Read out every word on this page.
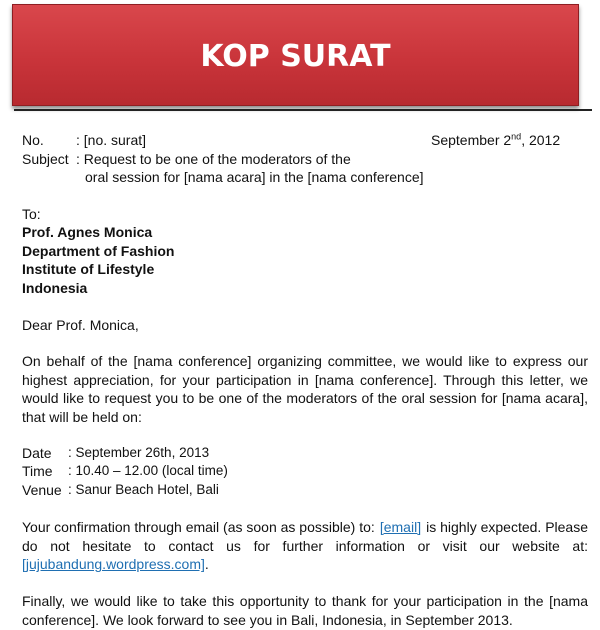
KOP SURAT
No. : [no. surat]	September 2nd, 2012
Subject : Request to be one of the moderators of the
oral session for [nama acara] in the [nama conference]
To:
Prof. Agnes Monica
Department of Fashion
Institute of Lifestyle
Indonesia
Dear Prof. Monica,
On behalf of the [nama conference] organizing committee, we would like to express our
highest appreciation, for your participation in [nama conference]. Through this letter, we
would like to request you to be one of the moderators of the oral session for [nama acara],
that will be held on:
Date : September 26th, 2013
Time : 10.40 – 12.00 (local time)
Venue : Sanur Beach Hotel, Bali
Your confirmation through email (as soon as possible) to: [email] is highly expected. Please
do not hesitate to contact us for further information or visit our website at:
[jujubandung.wordpress.com].
Finally, we would like to take this opportunity to thank for your participation in the [nama
conference]. We look forward to see you in Bali, Indonesia, in September 2013.
